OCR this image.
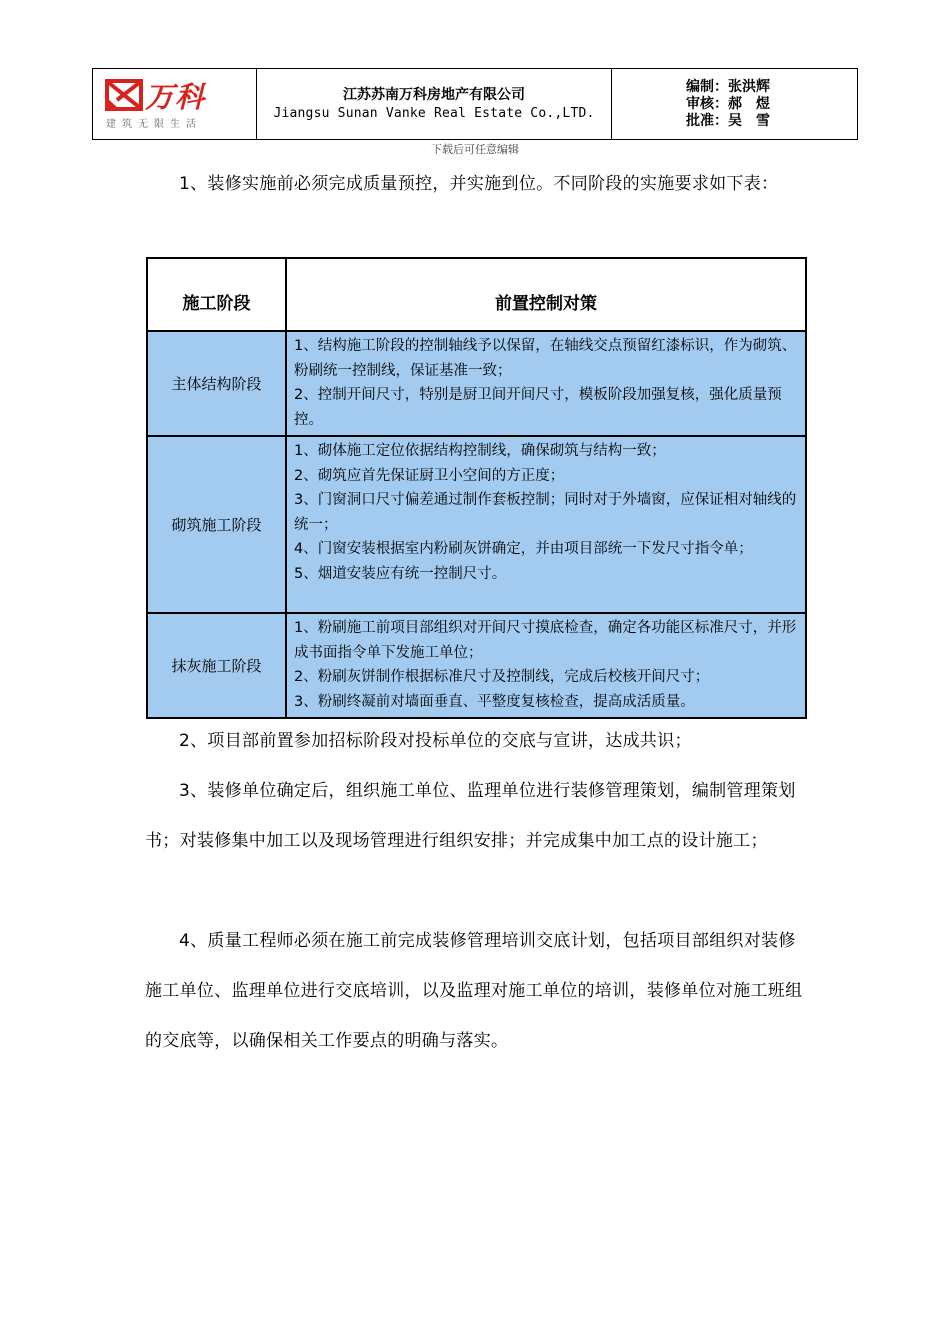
万科
建筑无限生活
江苏苏南万科房地产有限公司
Jiangsu Sunan Vanke Real Estate Co.,LTD.
编制：张洪辉
审核：郝　煜
批准：吴　雪
下载后可任意编辑
1、装修实施前必须完成质量预控，并实施到位。不同阶段的实施要求如下表：
施工阶段	前置控制对策
主体结构阶段	1、结构施工阶段的控制轴线予以保留，在轴线交点预留红漆标识，作为砌筑、粉刷统一控制线，保证基准一致；
2、控制开间尺寸，特别是厨卫间开间尺寸，模板阶段加强复核，强化质量预控。

砌筑施工阶段	1、砌体施工定位依据结构控制线，确保砌筑与结构一致；
2、砌筑应首先保证厨卫小空间的方正度；
3、门窗洞口尺寸偏差通过制作套板控制；同时对于外墙窗，应保证相对轴线的统一；
4、门窗安装根据室内粉刷灰饼确定，并由项目部统一下发尺寸指令单；
5、烟道安装应有统一控制尺寸。

抹灰施工阶段	1、粉刷施工前项目部组织对开间尺寸摸底检查，确定各功能区标准尺寸，并形成书面指令单下发施工单位；
2、粉刷灰饼制作根据标准尺寸及控制线，完成后校核开间尺寸；
3、粉刷终凝前对墙面垂直、平整度复核检查，提高成活质量。
2、项目部前置参加招标阶段对投标单位的交底与宣讲，达成共识；
3、装修单位确定后，组织施工单位、监理单位进行装修管理策划，编制管理策划书；对装修集中加工以及现场管理进行组织安排；并完成集中加工点的设计施工；
4、质量工程师必须在施工前完成装修管理培训交底计划，包括项目部组织对装修施工单位、监理单位进行交底培训，以及监理对施工单位的培训，装修单位对施工班组的交底等，以确保相关工作要点的明确与落实。
